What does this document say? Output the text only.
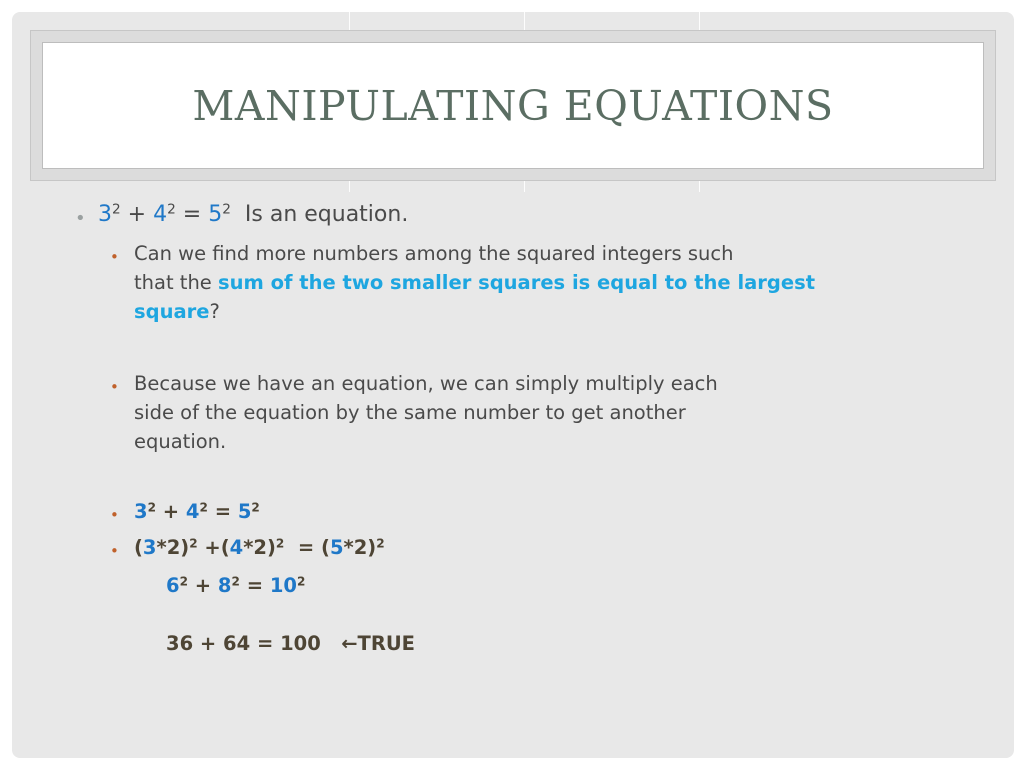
MANIPULATING EQUATIONS
• $3^2 + 4^2 = 5^2$ Is an equation.
• Can we find more numbers among the squared integers such
that the sum of the two smaller squares is equal to the largest
square?
• Because we have an equation, we can simply multiply each
side of the equation by the same number to get another
equation.
• $3^2 + 4^2 = 5^2$
• $(3*2)^2 +(4*2)^2 = (5*2)^2$
$6^2 + 8^2 = 10^2$
36 + 64 = 100 ←TRUE
